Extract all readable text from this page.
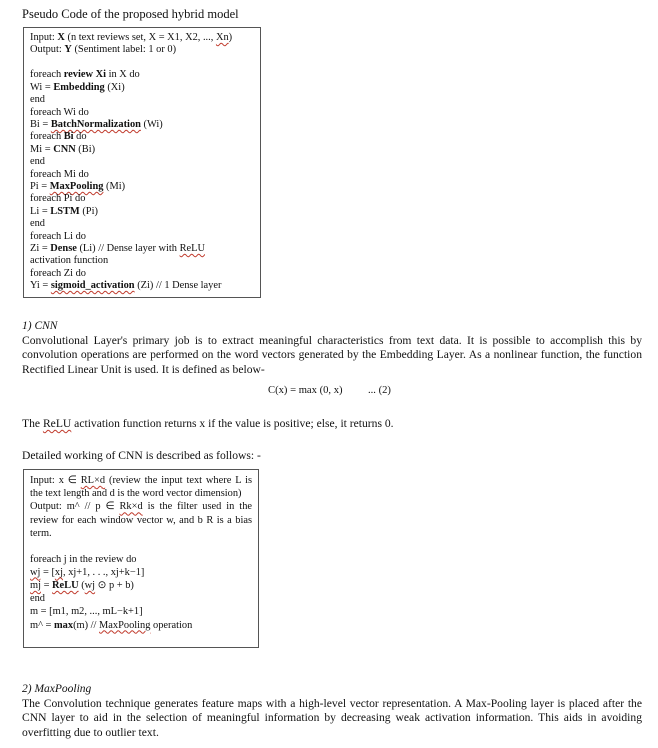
Pseudo Code of the proposed hybrid model
Input: X (n text reviews set, X = X1, X2, ..., Xn)
Output: Y (Sentiment label: 1 or 0)
foreach review Xi in X do
Wi = Embedding (Xi)
end
foreach Wi do
Bi = BatchNormalization (Wi)
foreach Bi do
Mi = CNN (Bi)
end
foreach Mi do
Pi = MaxPooling (Mi)
foreach Pi do
Li = LSTM (Pi)
end
foreach Li do
Zi = Dense (Li) // Dense layer with ReLU
activation function
foreach Zi do
Yi = sigmoid_activation (Zi) // 1 Dense layer
1) CNN
Convolutional Layer's primary job is to extract meaningful characteristics from text data. It is possible to accomplish this by convolution operations are performed on the word vectors generated by the Embedding Layer. As a nonlinear function, the function Rectified Linear Unit is used. It is defined as below-
C(x) = max (0, x) ... (2)
The ReLU activation function returns x if the value is positive; else, it returns 0.
Detailed working of CNN is described as follows: -
Input: x ∈ RL×d (review the input text where L is the text length and d is the word vector dimension)
Output: m^ // p ∈ Rk×d is the filter used in the review for each window vector w, and b R is a bias term.
foreach j in the review do
wj = [xj, xj+1, . . ., xj+k−1]
mj = ReLU (wj ⊙ p + b)
end
m = [m1, m2, ..., mL−k+1]
m^ = max(m) // MaxPooling operation
2) MaxPooling
The Convolution technique generates feature maps with a high-level vector representation. A Max-Pooling layer is placed after the CNN layer to aid in the selection of meaningful information by decreasing weak activation information. This aids in avoiding overfitting due to outlier text.
